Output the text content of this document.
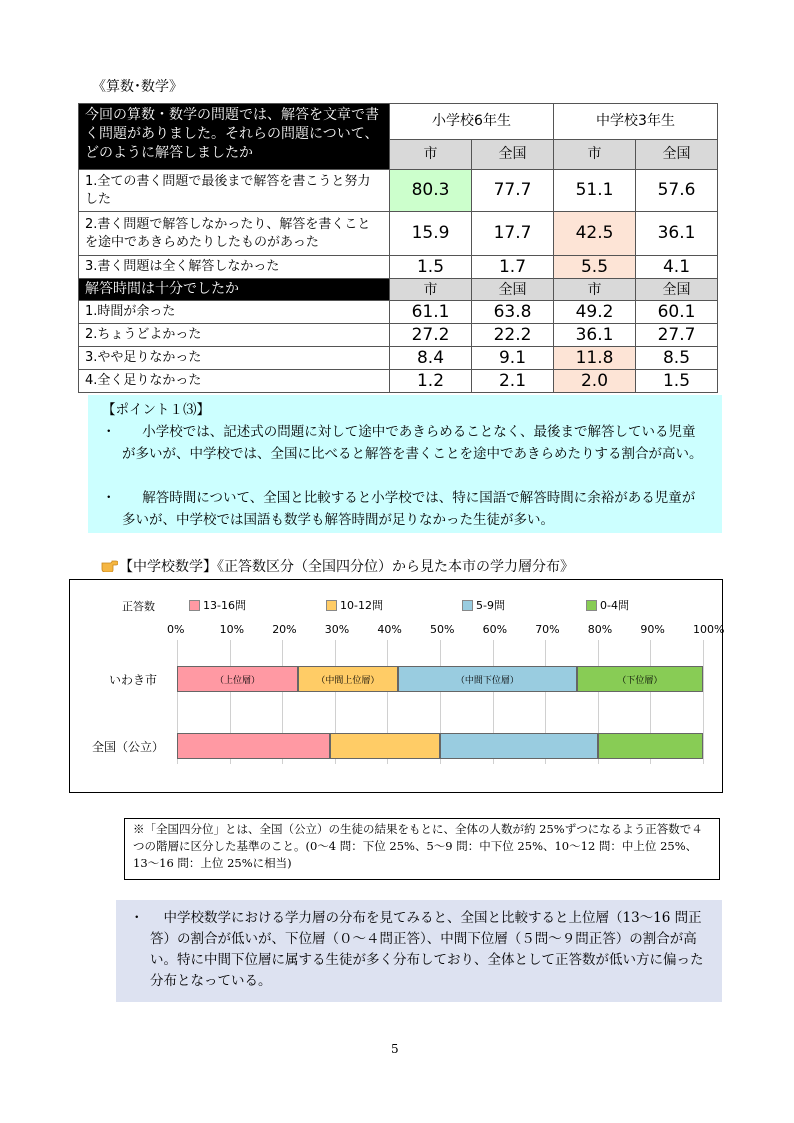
《算数･数学》
今回の算数・数学の問題では、解答を文章で書く問題がありました。それらの問題について、どのように解答しましたか	小学校6年生		中学校3年生	
	市	全国	市	全国
1.全ての書く問題で最後まで解答を書こうと努力した	80.3	77.7	51.1	57.6
2.書く問題で解答しなかったり、解答を書くことを途中であきらめたりしたものがあった	15.9	17.7	42.5	36.1
3.書く問題は全く解答しなかった	1.5	1.7	5.5	4.1
解答時間は十分でしたか	市	全国	市	全国
1.時間が余った	61.1	63.8	49.2	60.1
2.ちょうどよかった	27.2	22.2	36.1	27.7
3.やや足りなかった	8.4	9.1	11.8	8.5
4.全く足りなかった	1.2	2.1	2.0	1.5
【ポイント１⑶】
・	小学校では、記述式の問題に対して途中であきらめることなく、最後まで解答している児童が多いが、中学校では、全国に比べると解答を書くことを途中であきらめたりする割合が高い。
・	解答時間について、全国と比較すると小学校では、特に国語で解答時間に余裕がある児童が多いが、中学校では国語も数学も解答時間が足りなかった生徒が多い。
【中学校数学】《正答数区分（全国四分位）から見た本市の学力層分布》
正答数	13-16問	10-12問	5-9問	0-4問
0%	10%	20%	30%	40%	50%	60%	70%	80%	90%	100%
いわき市	（上位層）	（中間上位層）	（中間下位層）	（下位層）
全国（公立）
※「全国四分位」とは、全国（公立）の生徒の結果をもとに、全体の人数が約 25%ずつになるよう正答数で４つの階層に区分した基準のこと。(0～4 問：下位 25%、5～9 問：中下位 25%、10～12 問：中上位 25%、13～16 問：上位 25%に相当)
・	中学校数学における学力層の分布を見てみると、全国と比較すると上位層（13～16 問正答）の割合が低いが、下位層（０～４問正答）、中間下位層（５問～９問正答）の割合が高い。特に中間下位層に属する生徒が多く分布しており、全体として正答数が低い方に偏った分布となっている。
5
